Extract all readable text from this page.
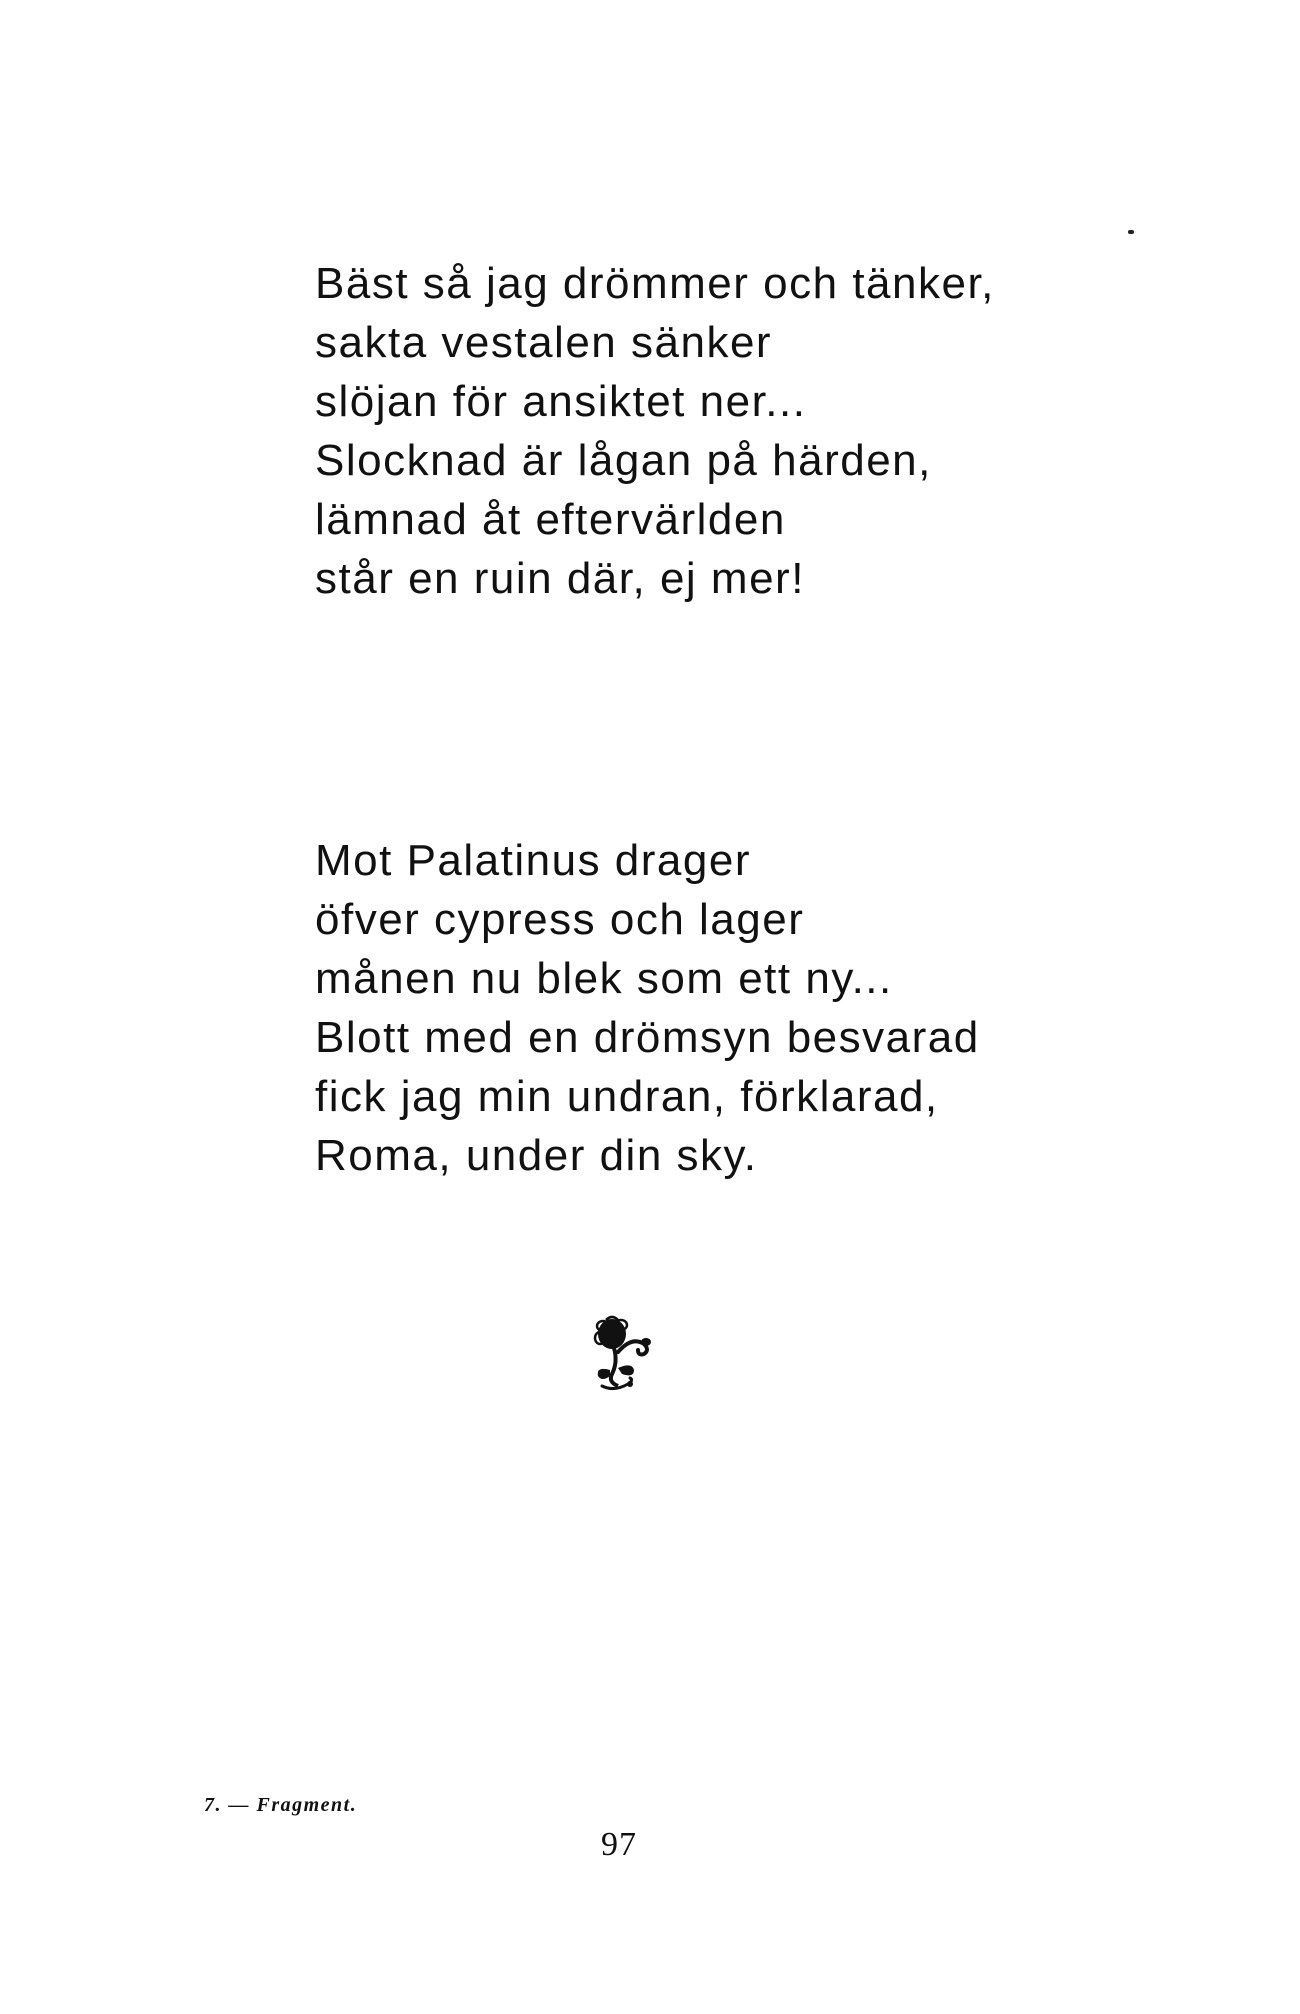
Bäst så jag drömmer och tänker,
sakta vestalen sänker
slöjan för ansiktet ner...
Slocknad är lågan på härden,
lämnad åt eftervärlden
står en ruin där, ej mer!
Mot Palatinus drager
öfver cypress och lager
månen nu blek som ett ny...
Blott med en drömsyn besvarad
fick jag min undran, förklarad,
Roma, under din sky.
7. — Fragment.
97
